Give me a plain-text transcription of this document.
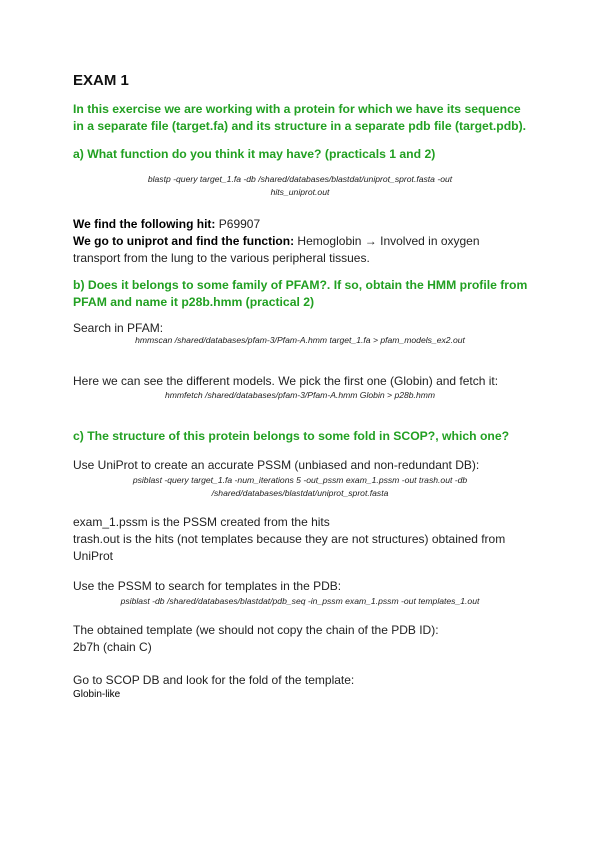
EXAM 1
In this exercise we are working with a protein for which we have its sequence
in a separate file (target.fa) and its structure in a separate pdb file (target.pdb).
a) What function do you think it may have? (practicals 1 and 2)
blastp -query target_1.fa -db /shared/databases/blastdat/uniprot_sprot.fasta -out
hits_uniprot.out
We find the following hit: P69907
We go to uniprot and find the function: Hemoglobin → Involved in oxygen
transport from the lung to the various peripheral tissues.
b) Does it belongs to some family of PFAM?. If so, obtain the HMM profile from
PFAM and name it p28b.hmm (practical 2)
Search in PFAM:
hmmscan /shared/databases/pfam-3/Pfam-A.hmm target_1.fa > pfam_models_ex2.out
Here we can see the different models. We pick the first one (Globin) and fetch it:
hmmfetch /shared/databases/pfam-3/Pfam-A.hmm Globin > p28b.hmm
c) The structure of this protein belongs to some fold in SCOP?, which one?
Use UniProt to create an accurate PSSM (unbiased and non-redundant DB):
psiblast -query target_1.fa -num_iterations 5 -out_pssm exam_1.pssm -out trash.out -db
/shared/databases/blastdat/uniprot_sprot.fasta
exam_1.pssm is the PSSM created from the hits
trash.out is the hits (not templates because they are not structures) obtained from
UniProt
Use the PSSM to search for templates in the PDB:
psiblast -db /shared/databases/blastdat/pdb_seq -in_pssm exam_1.pssm -out templates_1.out
The obtained template (we should not copy the chain of the PDB ID):
2b7h (chain C)
Go to SCOP DB and look for the fold of the template:
Globin-like
